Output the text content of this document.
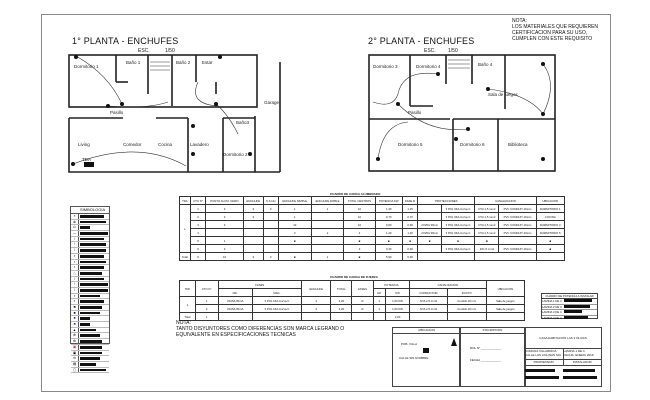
1° PLANTA - ENCHUFES
ESC.	1/50
Dormitorio 1
Baño 1	Baño 2	Estar
Garage
Pasillo
Living	Comedor	Cocina	Lavadero
Baño3
Dormitorio 2
TDA
2° PLANTA - ENCHUFES
ESC. 1/50
Dormitorio 3	Dormitorio 4	Baño 4
Sala de juegos
Pasillo
Dormitorio 5	Dormitorio 6	Biblioteca
NOTA:
LOS MATERIALES QUE REQUIEREN
CERTIFICACION PARA SU USO,
CUMPLEN CON ESTE REQUISITO
SIMBOLOGIA
×
⊗
⊙
—
/
/
/
▪
▪
▪
△
/
/
/
▪
▪
■
■
■
■
▲
⊕
⊕
▣
▣
⊖
▤
▢
CUADRO DE CARGA ALUMBRADO
TDA	CTO N°	PUNTO ALUM. VARIO	ENCHUFE	S.S.HH	ENCHUFE SIMPLE	ENCHUFE DOBLE	TOTAL CENTROS	POTENCIA KW	FASE R	PROTECCIONES		CANALIZACION		UBICACION
1	1	3	3	3	1	1	10	1,30	1,15		3 POL 6KA Curva C	NYA 1,5 mm2	PVC CONDUIT 16mm	DORMITORIO 1
	2	3	3		1		10	0,70	0,70		3 POL 6KA Curva C	NYA 1,5 mm2	PVC CONDUIT 16mm	COCINA
	3	3			10		10	0,90	0,90	2X25A 30mA	3 POL 6KA Curva C	NYA 2,5 mm2	PVC CONDUIT 16mm	DORMITORIO 3
	4				2	2	4	1,20	1,20	2X25A 30mA	3 POL 6KA Curva C	NYA 2,5 mm2	PVC CONDUIT 20mm	DORMITORIO 5
	5	1			■		■	■	■	■	■	■		■
	6	3					3	0,30	0,30		3 POL 6KA Curva C	2X1,5 mm2	PVC CONDUIT 16mm	■
Total	6	16	3	3	■	1	■	5,90	5,90					
CUADRO DE CARGA DE FUERZA
TDF	CTO N°	FASES		ENCHUFE	TOTAL	FASES	POTENCIA		CANALIZACION		UBICACION
		DIF.	MAG.				HP	KW	CONDUCTOR	DUCTO	
1	1	2X25A 30mA	3 POL 6KA Curva C	1	4,20	R	1	1,00 KW	NYA 2,5 mm2	Conduit 16 mm	Sala de juegos
	2	2X25A 30mA	3 POL 6KA Curva C	2	4,20	R	1	1,00 KW	NYA 2,5 mm2	Conduit 16 mm	Sala de juegos
Total	1							2,00			
NOTA:
TANTO DISYUNTORES COMO DIFERENCIAS SON MARCA LEGRAND O
EQUIVALENTE EN ESPECIFICACIONES TECNICAS
CUADRO DE POTENCIA A INSTALAR
LAMINA 1 DE 4
LAMINA 2 DE 4
LAMINA 3 DE 4
LAMINA 4 DE 4
UBICACION
POB. VILLA
CALLE SIN NOMBRE
INSCRIPCION
ROL N° ____________
FECHA ____________
CASA HABITACION LAS 3 OLIVAS
COMUNA VILLARRICA
CALLE LAS COLINAS S/N
LAMINA 1 DE 4
FECHA: ENERO 2019
PROPIETARIO	INSTALADOR
